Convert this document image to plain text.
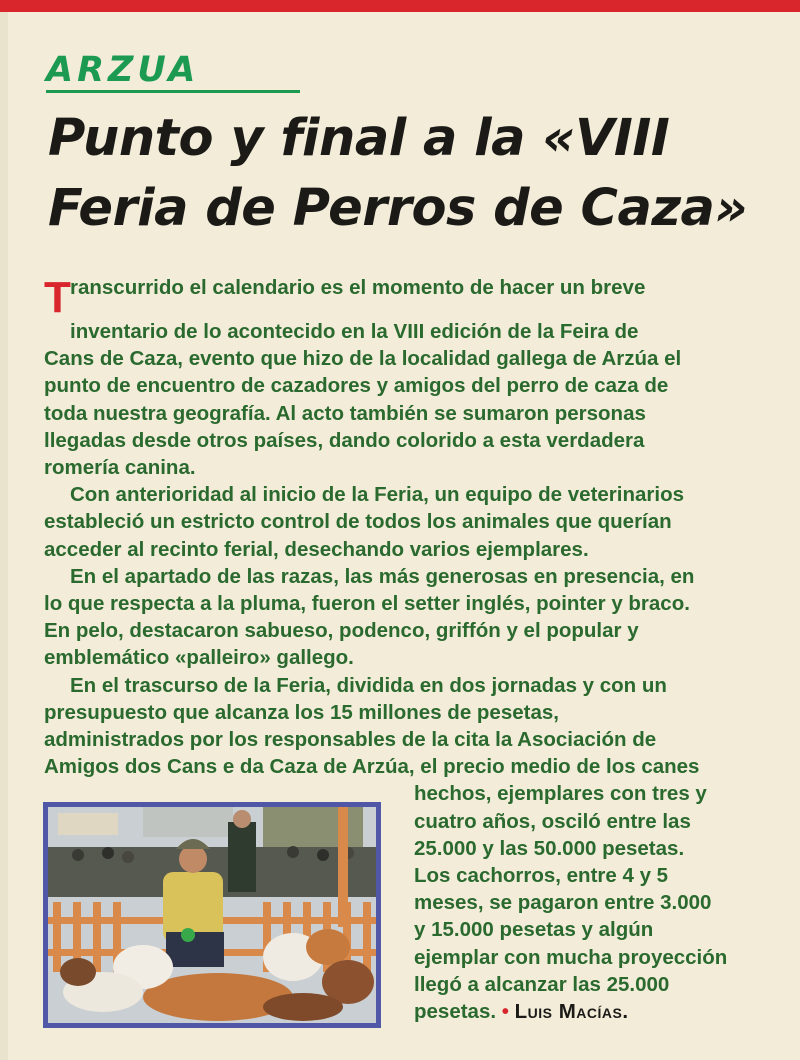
ARZUA
Punto y final a la «VIII
Feria de Perros de Caza»

Transcurrido el calendario es el momento de hacer un breve
inventario de lo acontecido en la VIII edición de la Feira de
Cans de Caza, evento que hizo de la localidad gallega de Arzúa el
punto de encuentro de cazadores y amigos del perro de caza de
toda nuestra geografía. Al acto también se sumaron personas
llegadas desde otros países, dando colorido a esta verdadera
romería canina.

Con anterioridad al inicio de la Feria, un equipo de veterinarios
estableció un estricto control de todos los animales que querían
acceder al recinto ferial, desechando varios ejemplares.

En el apartado de las razas, las más generosas en presencia, en
lo que respecta a la pluma, fueron el setter inglés, pointer y braco.
En pelo, destacaron sabueso, podenco, griffón y el popular y
emblemático «palleiro» gallego.

En el trascurso de la Feria, dividida en dos jornadas y con un
presupuesto que alcanza los 15 millones de pesetas,
administrados por los responsables de la cita la Asociación de
Amigos dos Cans e da Caza de Arzúa, el precio medio de los canes
hechos, ejemplares con tres y
cuatro años, osciló entre las
25.000 y las 50.000 pesetas.
Los cachorros, entre 4 y 5
meses, se pagaron entre 3.000
y 15.000 pesetas y algún
ejemplar con mucha proyección
llegó a alcanzar las 25.000
pesetas. • Luis Macías.
